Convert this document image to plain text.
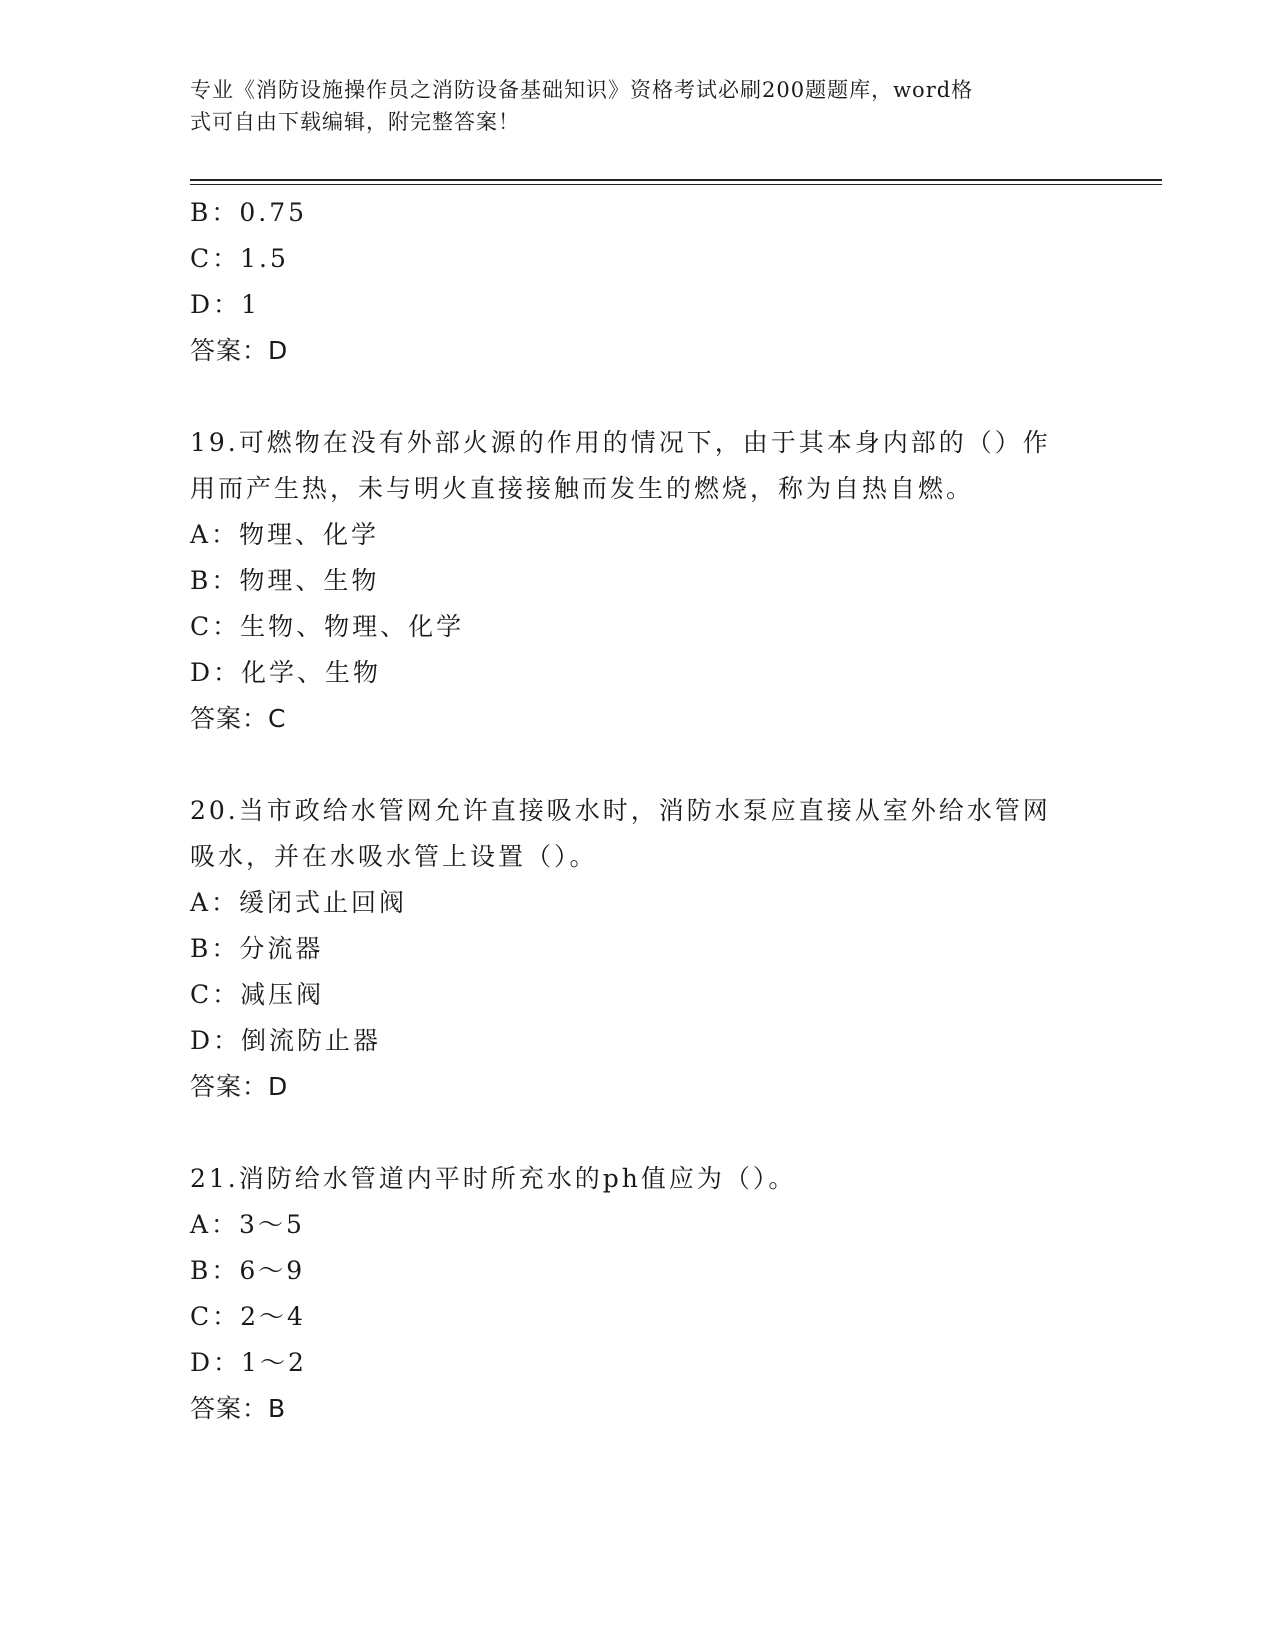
专业《消防设施操作员之消防设备基础知识》资格考试必刷200题题库，word格
式可自由下载编辑，附完整答案！
B：0.75
C：1.5
D：1
答案：D
19.可燃物在没有外部火源的作用的情况下，由于其本身内部的（）作
用而产生热，未与明火直接接触而发生的燃烧，称为自热自燃。
A：物理、化学
B：物理、生物
C：生物、物理、化学
D：化学、生物
答案：C
20.当市政给水管网允许直接吸水时，消防水泵应直接从室外给水管网
吸水，并在水吸水管上设置（）。
A：缓闭式止回阀
B：分流器
C：减压阀
D：倒流防止器
答案：D
21.消防给水管道内平时所充水的ph值应为（）。
A：3～5
B：6～9
C：2～4
D：1～2
答案：B
